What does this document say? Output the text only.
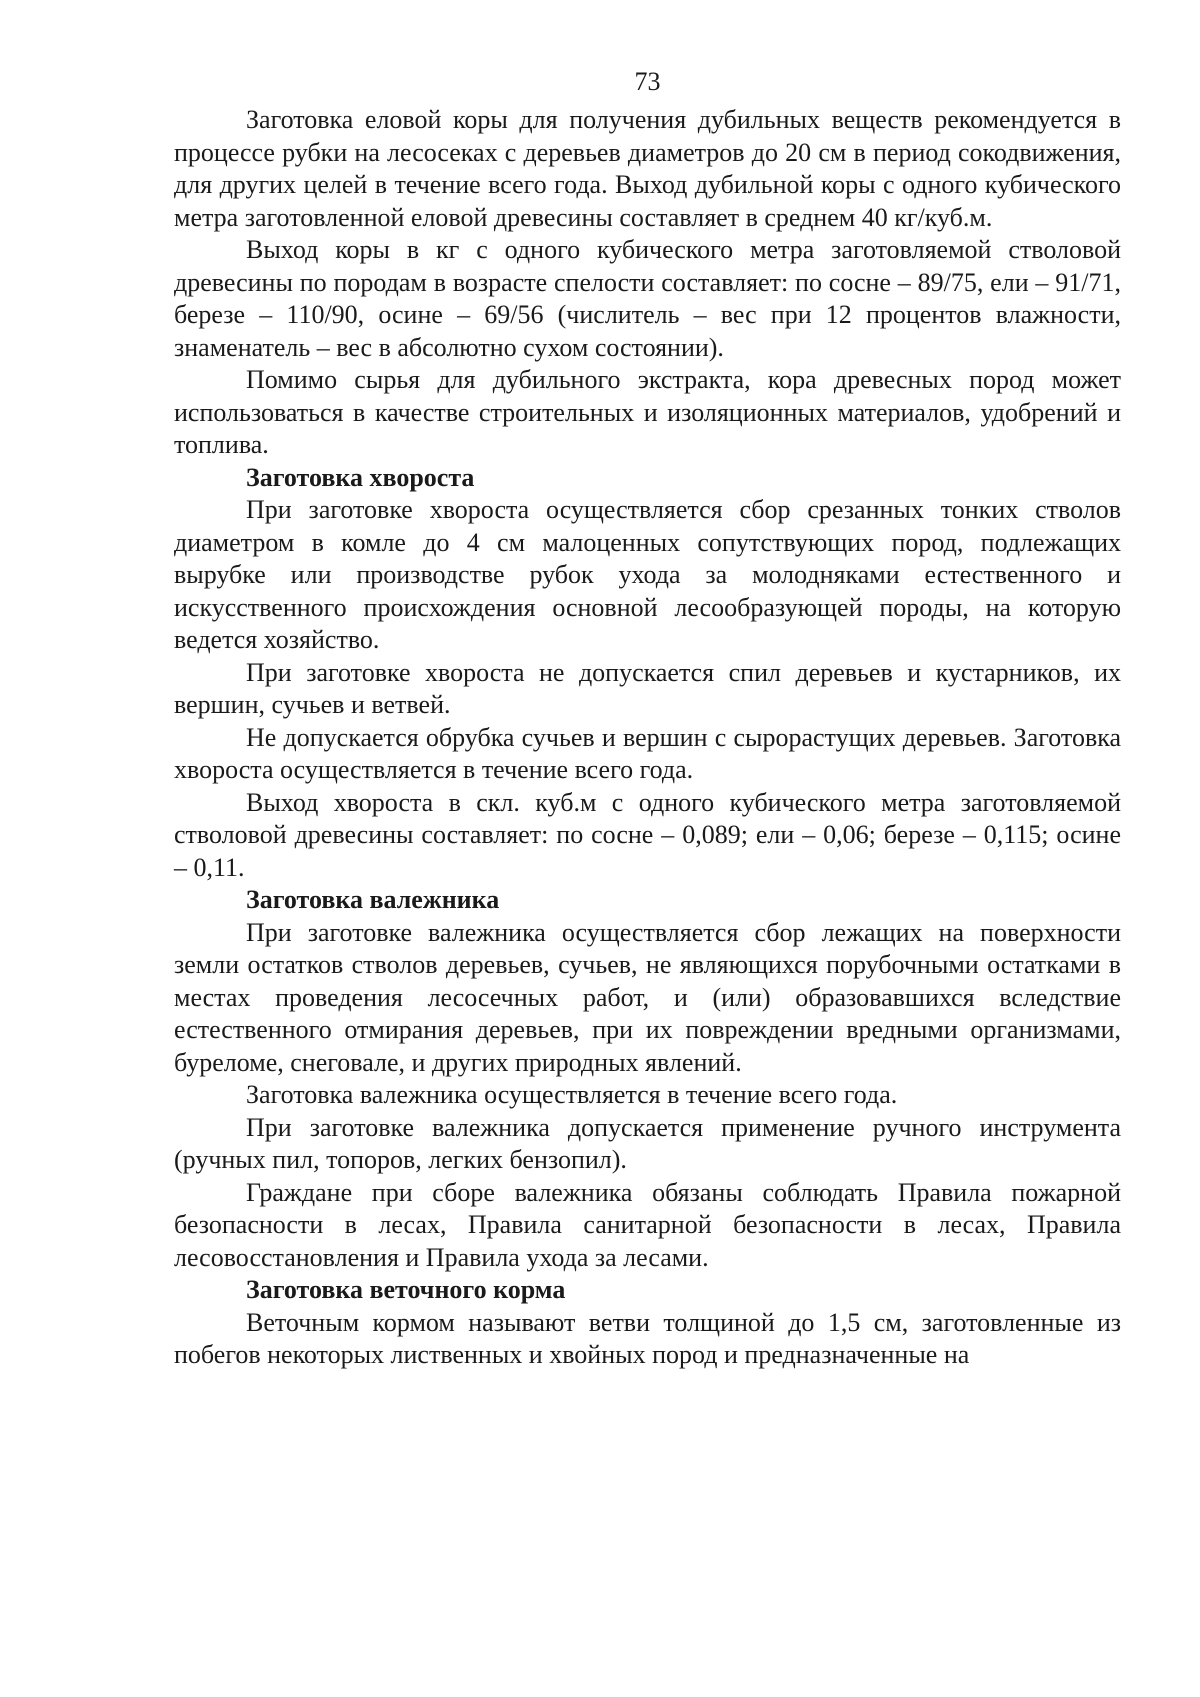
73

Заготовка еловой коры для получения дубильных веществ рекомендуется в процессе рубки на лесосеках с деревьев диаметров до 20 см в период сокодвижения, для других целей в течение всего года. Выход дубильной коры с одного кубического метра заготовленной еловой древесины составляет в среднем 40 кг/куб.м.

Выход коры в кг с одного кубического метра заготовляемой стволовой древесины по породам в возрасте спелости составляет: по сосне – 89/75, ели – 91/71, березе – 110/90, осине – 69/56 (числитель – вес при 12 процентов влажности, знаменатель – вес в абсолютно сухом состоянии).

Помимо сырья для дубильного экстракта, кора древесных пород может использоваться в качестве строительных и изоляционных материалов, удобрений и топлива.

Заготовка хвороста

При заготовке хвороста осуществляется сбор срезанных тонких стволов диаметром в комле до 4 см малоценных сопутствующих пород, подлежащих вырубке или производстве рубок ухода за молодняками естественного и искусственного происхождения основной лесообразующей породы, на которую ведется хозяйство.

При заготовке хвороста не допускается спил деревьев и кустарников, их вершин, сучьев и ветвей.

Не допускается обрубка сучьев и вершин с сырорастущих деревьев. Заготовка хвороста осуществляется в течение всего года.

Выход хвороста в скл. куб.м с одного кубического метра заготовляемой стволовой древесины составляет: по сосне – 0,089; ели – 0,06; березе – 0,115; осине – 0,11.

Заготовка валежника

При заготовке валежника осуществляется сбор лежащих на поверхности земли остатков стволов деревьев, сучьев, не являющихся порубочными остатками в местах проведения лесосечных работ, и (или) образовавшихся вследствие естественного отмирания деревьев, при их повреждении вредными организмами, буреломе, снеговале, и других природных явлений.

Заготовка валежника осуществляется в течение всего года.

При заготовке валежника допускается применение ручного инструмента (ручных пил, топоров, легких бензопил).

Граждане при сборе валежника обязаны соблюдать Правила пожарной безопасности в лесах, Правила санитарной безопасности в лесах, Правила лесовосстановления и Правила ухода за лесами.

Заготовка веточного корма

Веточным кормом называют ветви толщиной до 1,5 см, заготовленные из побегов некоторых лиственных и хвойных пород и предназначенные на
